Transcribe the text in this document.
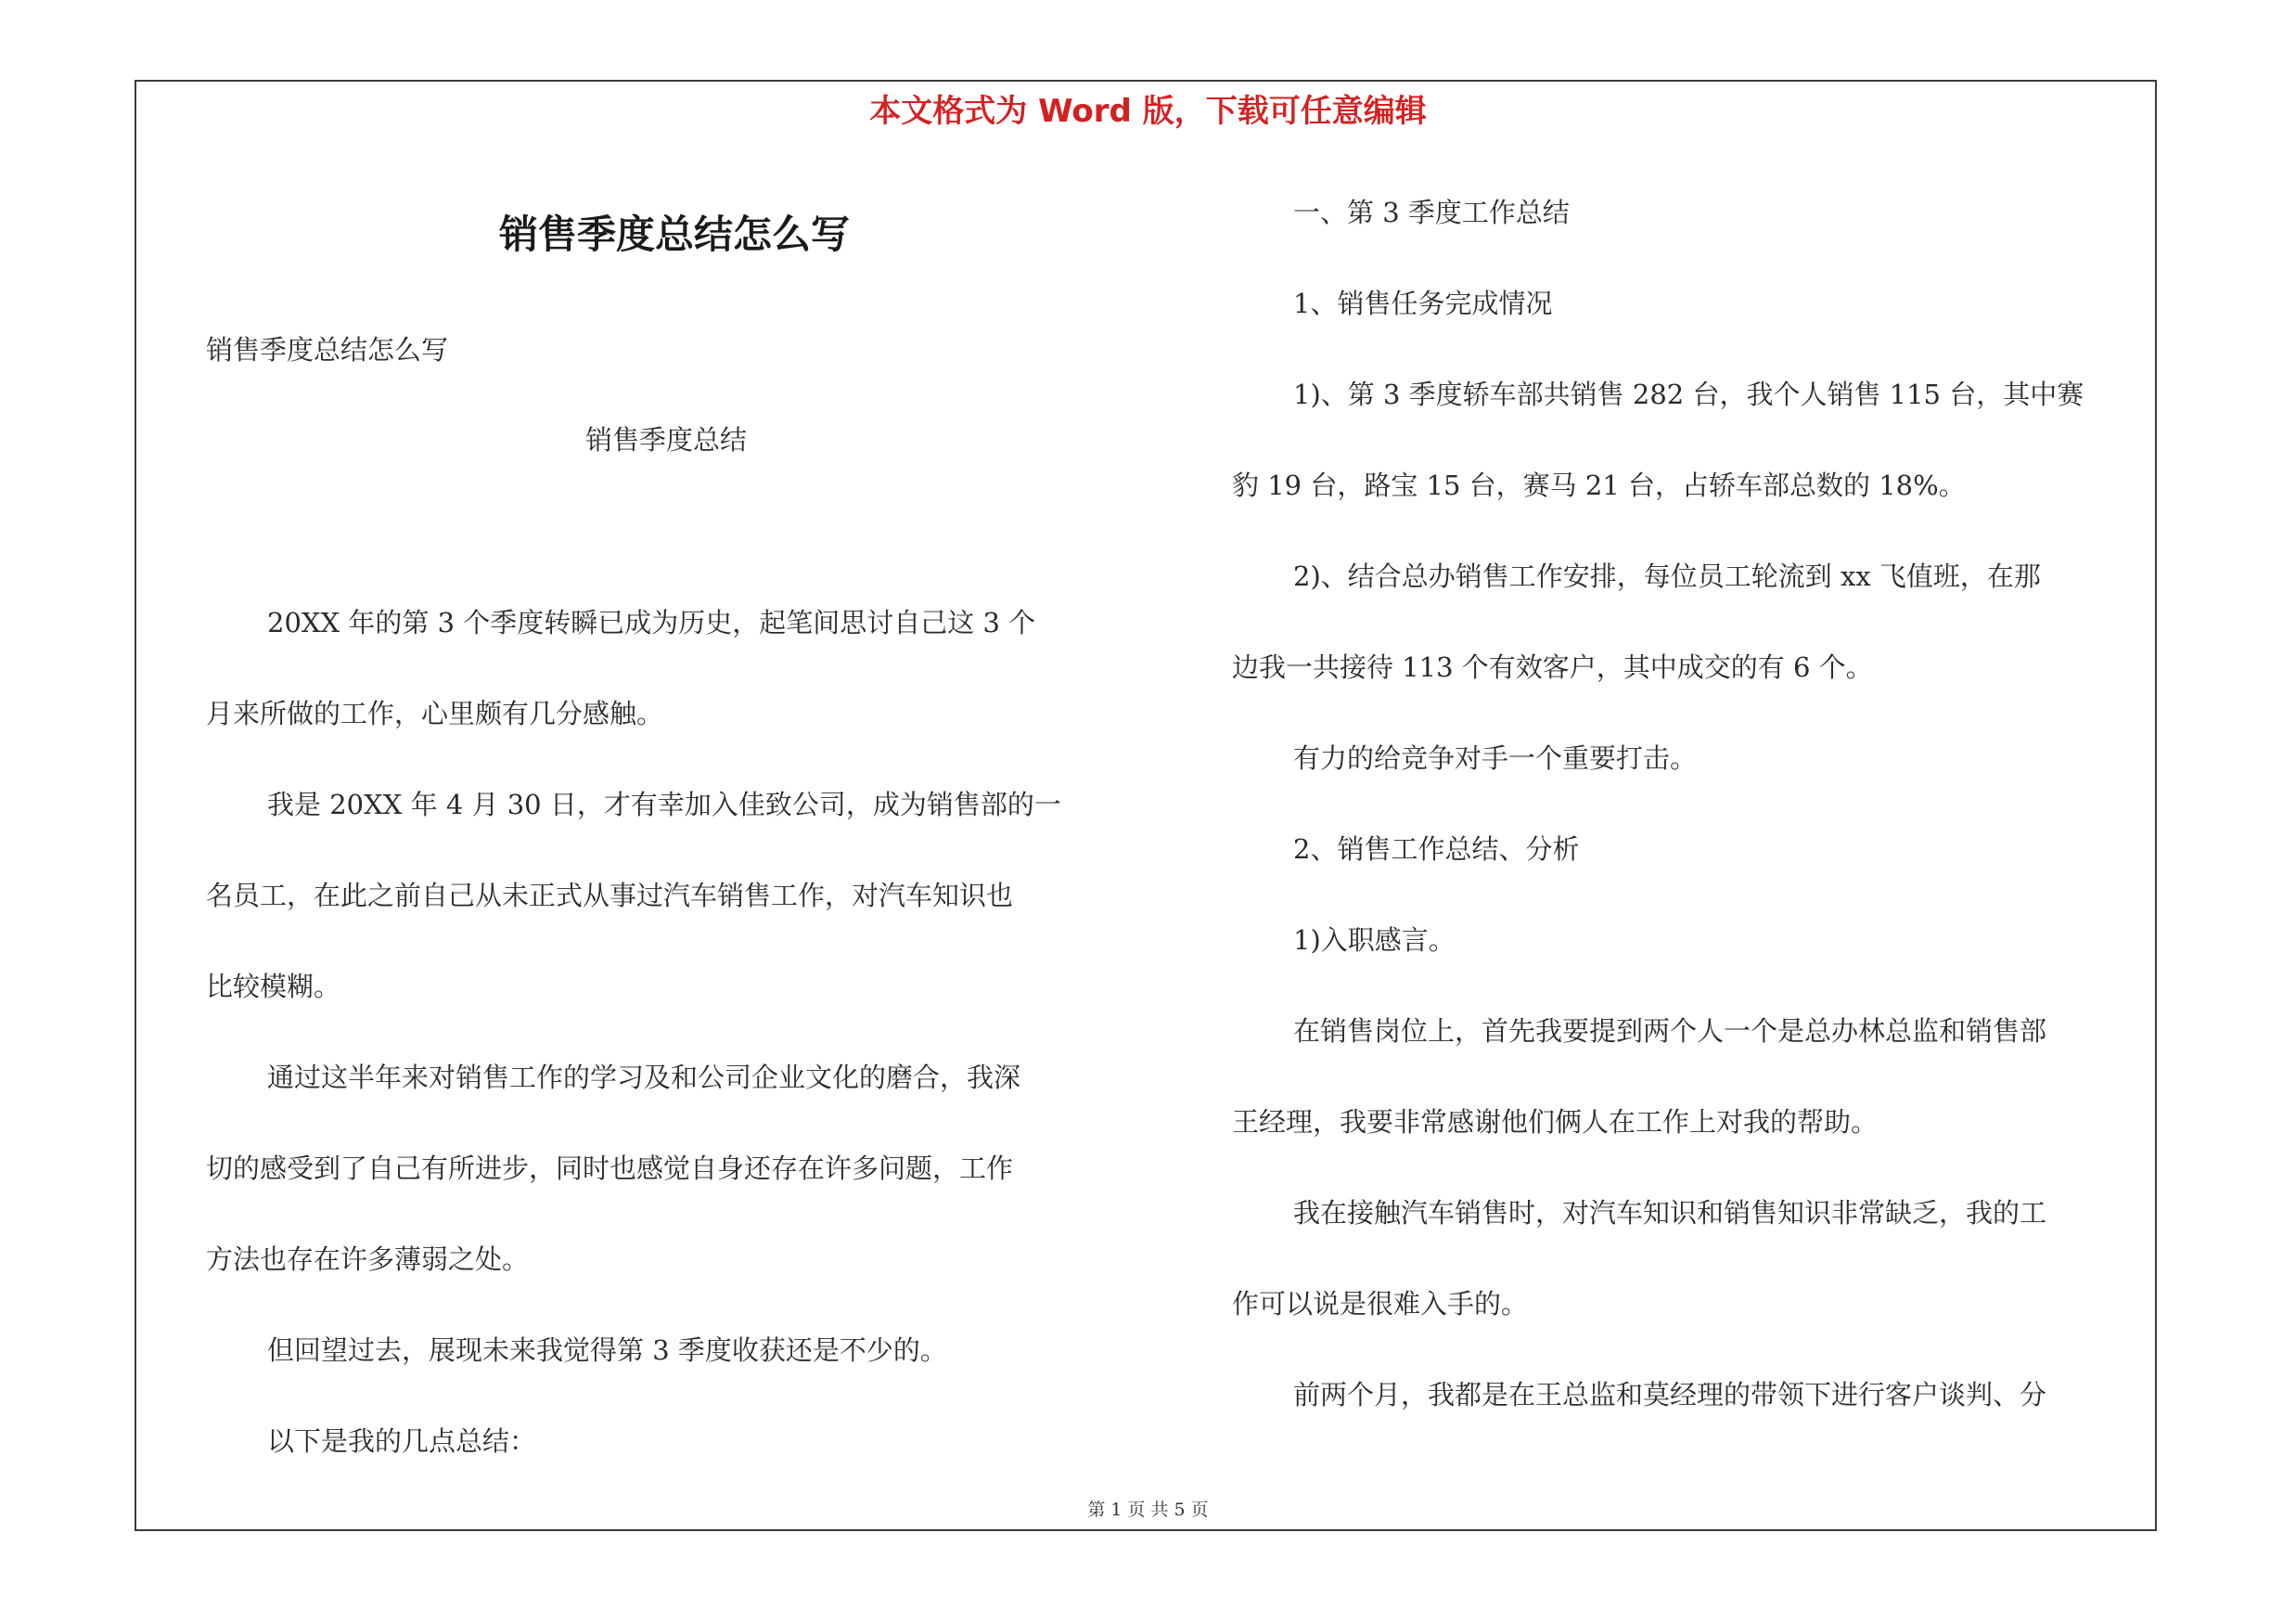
本文格式为 Word 版，下载可任意编辑
销售季度总结怎么写
销售季度总结怎么写
销售季度总结
20XX 年的第 3 个季度转瞬已成为历史，起笔间思讨自己这 3 个
月来所做的工作，心里颇有几分感触。
我是 20XX 年 4 月 30 日，才有幸加入佳致公司，成为销售部的一
名员工，在此之前自己从未正式从事过汽车销售工作，对汽车知识也
比较模糊。
通过这半年来对销售工作的学习及和公司企业文化的磨合，我深
切的感受到了自己有所进步，同时也感觉自身还存在许多问题，工作
方法也存在许多薄弱之处。
但回望过去，展现未来我觉得第 3 季度收获还是不少的。
以下是我的几点总结：
一、第 3 季度工作总结
1、销售任务完成情况
1)、第 3 季度轿车部共销售 282 台，我个人销售 115 台，其中赛
豹 19 台，路宝 15 台，赛马 21 台，占轿车部总数的 18%。
2)、结合总办销售工作安排，每位员工轮流到 xx 飞值班，在那
边我一共接待 113 个有效客户，其中成交的有 6 个。
有力的给竞争对手一个重要打击。
2、销售工作总结、分析
1)入职感言。
在销售岗位上，首先我要提到两个人一个是总办林总监和销售部
王经理，我要非常感谢他们俩人在工作上对我的帮助。
我在接触汽车销售时，对汽车知识和销售知识非常缺乏，我的工
作可以说是很难入手的。
前两个月，我都是在王总监和莫经理的带领下进行客户谈判、分
第 1 页 共 5 页
